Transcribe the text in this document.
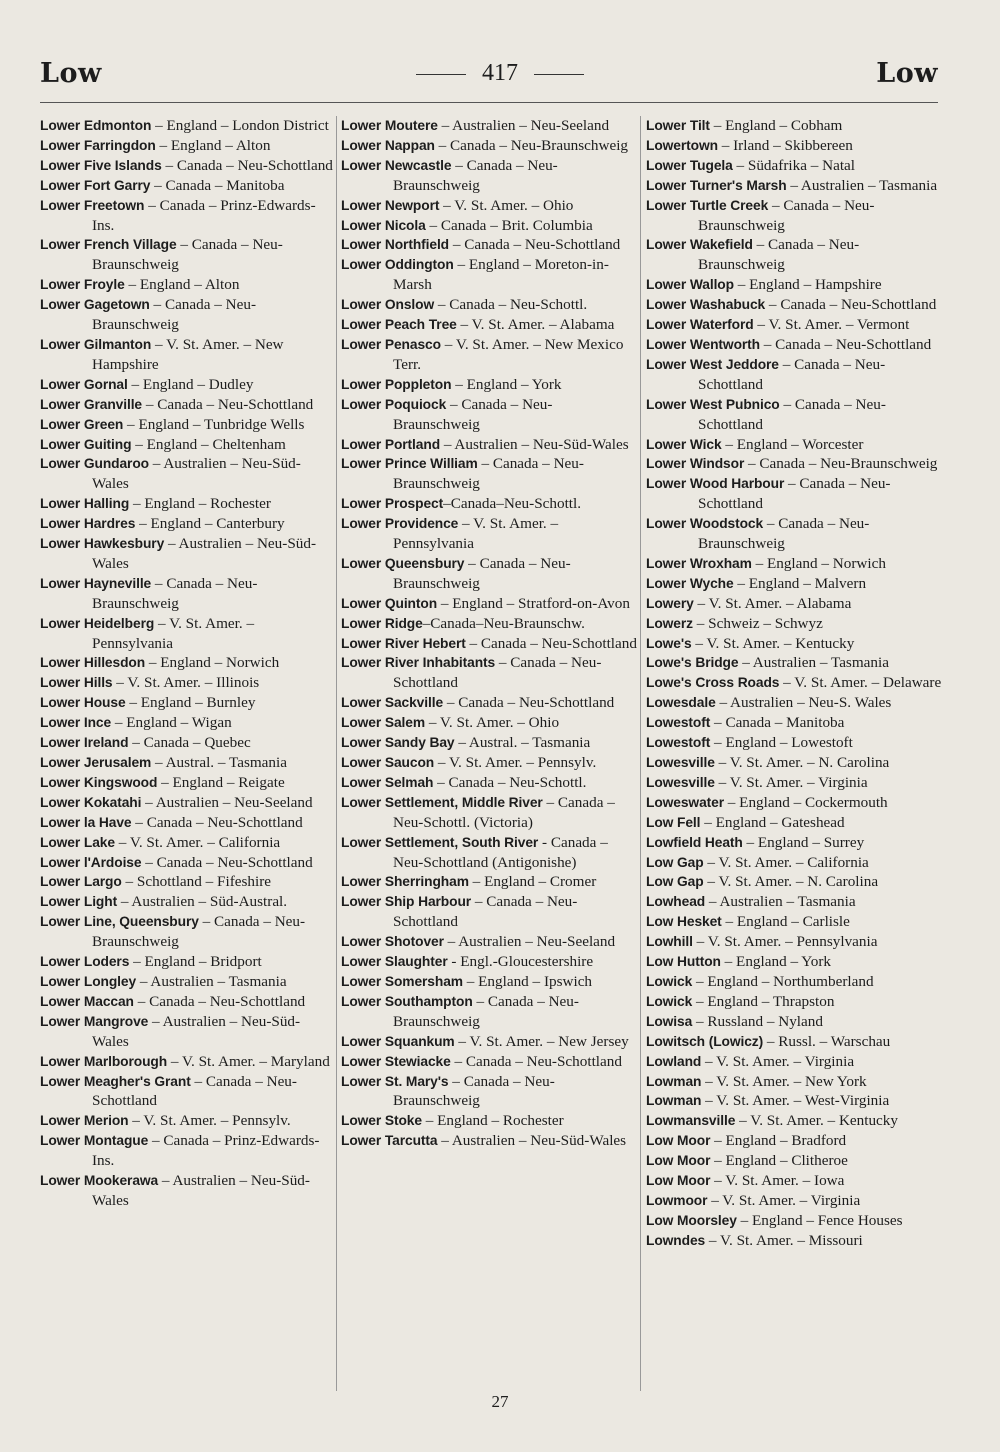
Low	417	Low

Lower Edmonton – England – London District

Lower Farringdon – England – Alton

Lower Five Islands – Canada – Neu-Schottland

Lower Fort Garry – Canada – Manitoba

Lower Freetown – Canada – Prinz-Edwards-Ins.

Lower French Village – Canada – Neu-Braunschweig

Lower Froyle – England – Alton

Lower Gagetown – Canada – Neu-Braunschweig

Lower Gilmanton – V. St. Amer. – New Hampshire

Lower Gornal – England – Dudley

Lower Granville – Canada – Neu-Schottland

Lower Green – England – Tunbridge Wells

Lower Guiting – England – Cheltenham

Lower Gundaroo – Australien – Neu-Süd-Wales

Lower Halling – England – Rochester

Lower Hardres – England – Canterbury

Lower Hawkesbury – Australien – Neu-Süd-Wales

Lower Hayneville – Canada – Neu-Braunschweig

Lower Heidelberg – V. St. Amer. – Pennsylvania

Lower Hillesdon – England – Norwich

Lower Hills – V. St. Amer. – Illinois

Lower House – England – Burnley

Lower Ince – England – Wigan

Lower Ireland – Canada – Quebec

Lower Jerusalem – Austral. – Tasmania

Lower Kingswood – England – Reigate

Lower Kokatahi – Australien – Neu-Seeland

Lower la Have – Canada – Neu-Schottland

Lower Lake – V. St. Amer. – California

Lower l'Ardoise – Canada – Neu-Schottland

Lower Largo – Schottland – Fifeshire

Lower Light – Australien – Süd-Austral.

Lower Line, Queensbury – Canada – Neu-Braunschweig

Lower Loders – England – Bridport

Lower Longley – Australien – Tasmania

Lower Maccan – Canada – Neu-Schottland

Lower Mangrove – Australien – Neu-Süd-Wales

Lower Marlborough – V. St. Amer. – Maryland

Lower Meagher's Grant – Canada – Neu-Schottland

Lower Merion – V. St. Amer. – Pennsylv.

Lower Montague – Canada – Prinz-Edwards-Ins.

Lower Mookerawa – Australien – Neu-Süd-Wales

Lower Moutere – Australien – Neu-Seeland

Lower Nappan – Canada – Neu-Braunschweig

Lower Newcastle – Canada – Neu-Braunschweig

Lower Newport – V. St. Amer. – Ohio

Lower Nicola – Canada – Brit. Columbia

Lower Northfield – Canada – Neu-Schottland

Lower Oddington – England – Moreton-in-Marsh

Lower Onslow – Canada – Neu-Schottl.

Lower Peach Tree – V. St. Amer. – Alabama

Lower Penasco – V. St. Amer. – New Mexico Terr.

Lower Poppleton – England – York

Lower Poquiock – Canada – Neu-Braunschweig

Lower Portland – Australien – Neu-Süd-Wales

Lower Prince William – Canada – Neu-Braunschweig

Lower Prospect–Canada–Neu-Schottl.

Lower Providence – V. St. Amer. – Pennsylvania

Lower Queensbury – Canada – Neu-Braunschweig

Lower Quinton – England – Stratford-on-Avon

Lower Ridge–Canada–Neu-Braunschw.

Lower River Hebert – Canada – Neu-Schottland

Lower River Inhabitants – Canada – Neu-Schottland

Lower Sackville – Canada – Neu-Schottland

Lower Salem – V. St. Amer. – Ohio

Lower Sandy Bay – Austral. – Tasmania

Lower Saucon – V. St. Amer. – Pennsylv.

Lower Selmah – Canada – Neu-Schottl.

Lower Settlement, Middle River – Canada – Neu-Schottl. (Victoria)

Lower Settlement, South River - Canada – Neu-Schottland (Antigonishe)

Lower Sherringham – England – Cromer

Lower Ship Harbour – Canada – Neu-Schottland

Lower Shotover – Australien – Neu-Seeland

Lower Slaughter - Engl.-Gloucestershire

Lower Somersham – England – Ipswich

Lower Southampton – Canada – Neu-Braunschweig

Lower Squankum – V. St. Amer. – New Jersey

Lower Stewiacke – Canada – Neu-Schottland

Lower St. Mary's – Canada – Neu-Braunschweig

Lower Stoke – England – Rochester

Lower Tarcutta – Australien – Neu-Süd-Wales

Lower Tilt – England – Cobham

Lowertown – Irland – Skibbereen

Lower Tugela – Südafrika – Natal

Lower Turner's Marsh – Australien – Tasmania

Lower Turtle Creek – Canada – Neu-Braunschweig

Lower Wakefield – Canada – Neu-Braunschweig

Lower Wallop – England – Hampshire

Lower Washabuck – Canada – Neu-Schottland

Lower Waterford – V. St. Amer. – Vermont

Lower Wentworth – Canada – Neu-Schottland

Lower West Jeddore – Canada – Neu-Schottland

Lower West Pubnico – Canada – Neu-Schottland

Lower Wick – England – Worcester

Lower Windsor – Canada – Neu-Braunschweig

Lower Wood Harbour – Canada – Neu-Schottland

Lower Woodstock – Canada – Neu-Braunschweig

Lower Wroxham – England – Norwich

Lower Wyche – England – Malvern

Lowery – V. St. Amer. – Alabama

Lowerz – Schweiz – Schwyz

Lowe's – V. St. Amer. – Kentucky

Lowe's Bridge – Australien – Tasmania

Lowe's Cross Roads – V. St. Amer. – Delaware

Lowesdale – Australien – Neu-S. Wales

Lowestoft – Canada – Manitoba

Lowestoft – England – Lowestoft

Lowesville – V. St. Amer. – N. Carolina

Lowesville – V. St. Amer. – Virginia

Loweswater – England – Cockermouth

Low Fell – England – Gateshead

Lowfield Heath – England – Surrey

Low Gap – V. St. Amer. – California

Low Gap – V. St. Amer. – N. Carolina

Lowhead – Australien – Tasmania

Low Hesket – England – Carlisle

Lowhill – V. St. Amer. – Pennsylvania

Low Hutton – England – York

Lowick – England – Northumberland

Lowick – England – Thrapston

Lowisa – Russland – Nyland

Lowitsch (Lowicz) – Russl. – Warschau

Lowland – V. St. Amer. – Virginia

Lowman – V. St. Amer. – New York

Lowman – V. St. Amer. – West-Virginia

Lowmansville – V. St. Amer. – Kentucky

Low Moor – England – Bradford

Low Moor – England – Clitheroe

Low Moor – V. St. Amer. – Iowa

Lowmoor – V. St. Amer. – Virginia

Low Moorsley – England – Fence Houses

Lowndes – V. St. Amer. – Missouri

27
